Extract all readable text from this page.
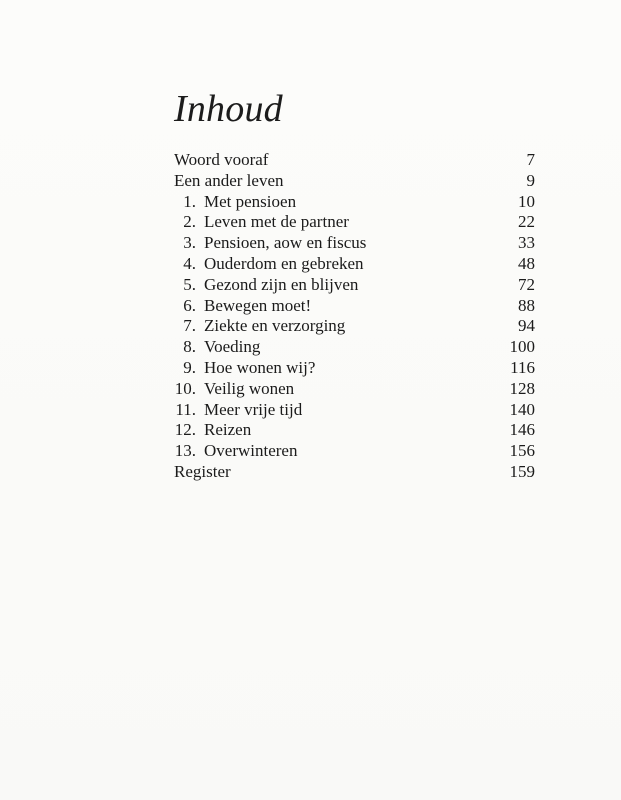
Inhoud
Woord vooraf	7
Een ander leven	9
1. Met pensioen	10
2. Leven met de partner	22
3. Pensioen, aow en fiscus	33
4. Ouderdom en gebreken	48
5. Gezond zijn en blijven	72
6. Bewegen moet!	88
7. Ziekte en verzorging	94
8. Voeding	100
9. Hoe wonen wij?	116
10. Veilig wonen	128
11. Meer vrije tijd	140
12. Reizen	146
13. Overwinteren	156
Register	159
